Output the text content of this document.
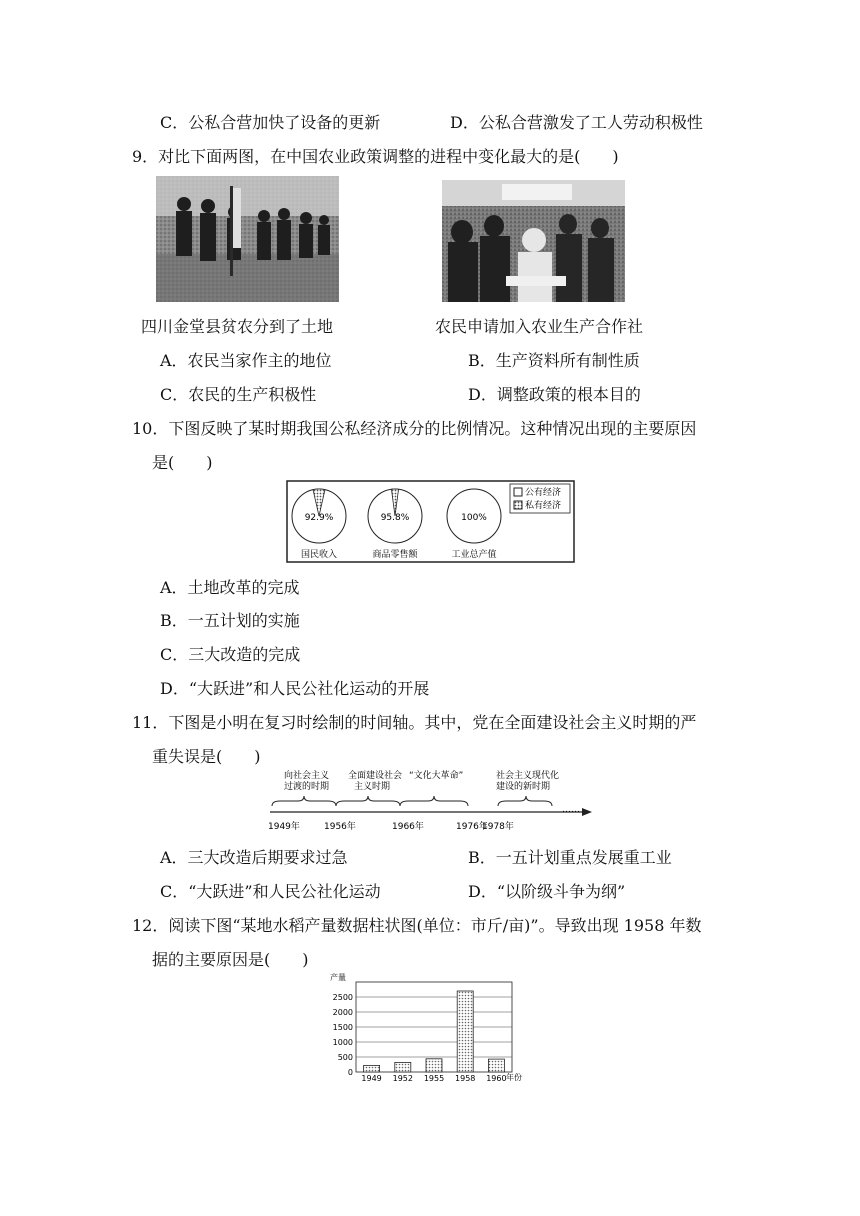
C．公私合营加快了设备的更新	D．公私合营激发了工人劳动积极性
9．对比下面两图，在中国农业政策调整的进程中变化最大的是(　　)
四川金堂县贫农分到了土地	农民申请加入农业生产合作社
A．农民当家作主的地位	B．生产资料所有制性质
C．农民的生产积极性	D．调整政策的根本目的
10．下图反映了某时期我国公私经济成分的比例情况。这种情况出现的主要原因
是(　　)
92.9%
国民收入
95.8%
商品零售额
100%
工业总产值
公有经济
私有经济
A．土地改革的完成
B．一五计划的实施
C．三大改造的完成
D．“大跃进”和人民公社化运动的开展
11．下图是小明在复习时绘制的时间轴。其中，党在全面建设社会主义时期的严
重失误是(　　)
向社会主义
过渡的时期
全面建设社会
主义时期
“文化大革命”	社会主义现代化
建设的新时期
……
1949年	1956年	1966年	1976年
1978年
A．三大改造后期要求过急	B．一五计划重点发展重工业
C．“大跃进”和人民公社化运动	D．“以阶级斗争为纲”
12．阅读下图“某地水稻产量数据柱状图(单位：市斤/亩)”。导致出现 1958 年数
据的主要原因是(　　)
产量
年份
0
500
1000
1500
2000
2500
1949 1952 1955 1958 1960
